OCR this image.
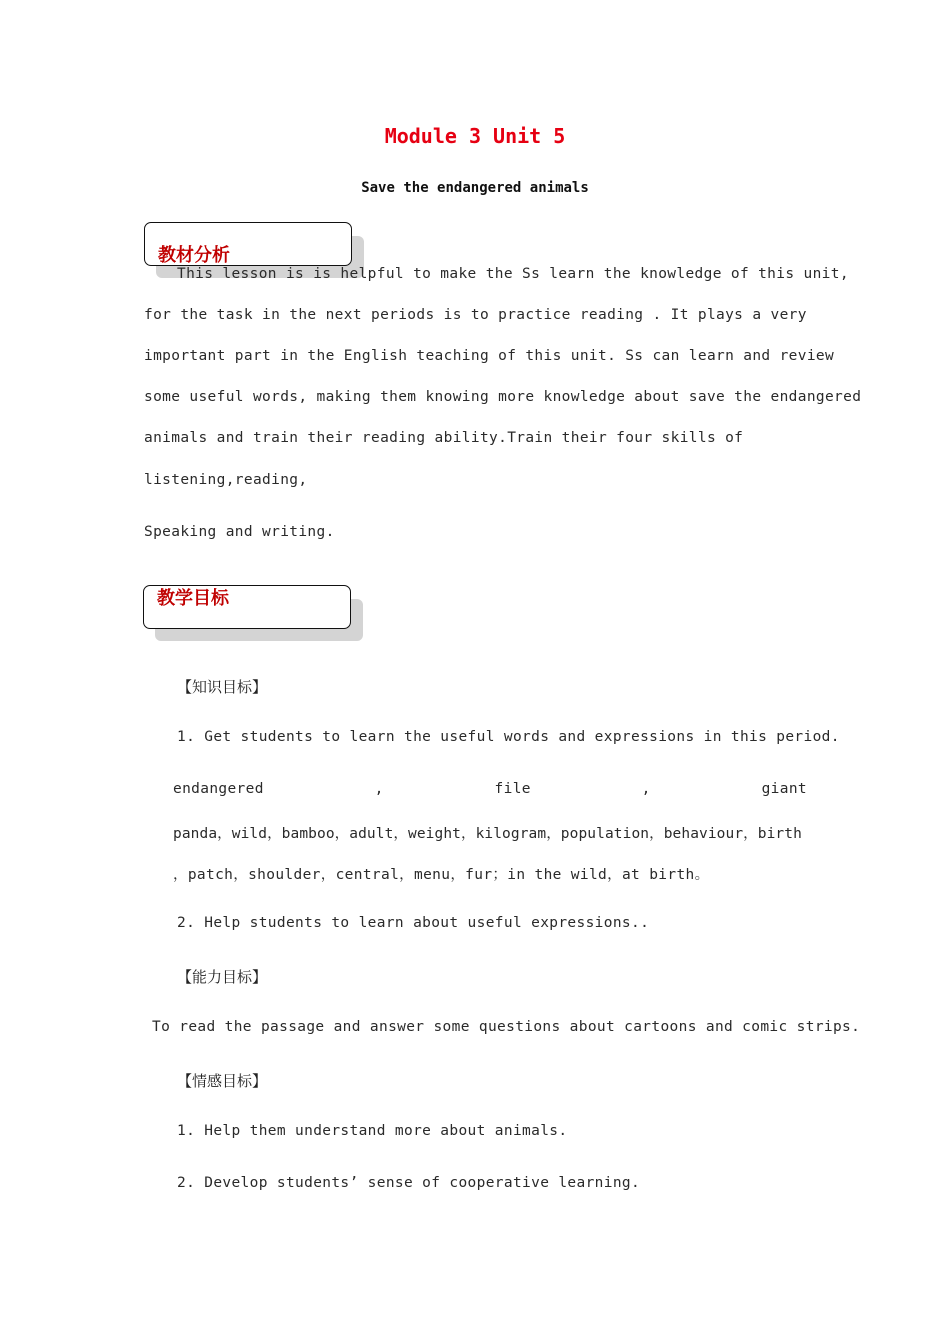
Module 3 Unit 5
Save the endangered animals
教材分析
This lesson is is helpful to make the Ss learn the knowledge of this unit,
for the task in the next periods is to practice reading . It plays a very
important part in the English teaching of this unit. Ss can learn and review
some useful words, making them knowing more knowledge about save the endangered
animals and train their reading ability.Train their four skills of
listening,reading,
Speaking and writing.
教学目标
【知识目标】
1. Get students to learn the useful words and expressions in this period.
endangered	,	file	,	giant
panda，wild，bamboo，adult，weight，kilogram，population，behaviour，birth
，patch，shoulder，central，menu，fur；in the wild，at birth。
2. Help students to learn about useful expressions..
【能力目标】
To read the passage and answer some questions about cartoons and comic strips.
【情感目标】
1. Help them understand more about animals.
2. Develop students’ sense of cooperative learning.
